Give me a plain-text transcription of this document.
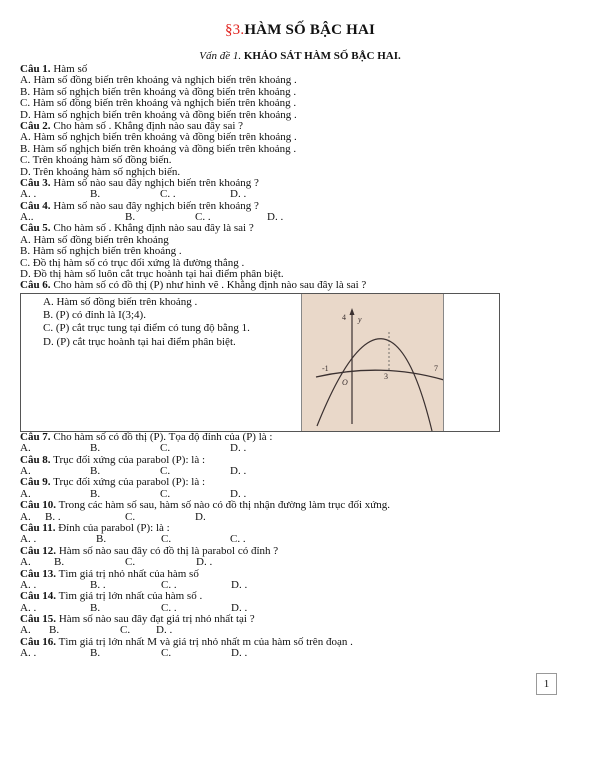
§3.HÀM SỐ BẬC HAI
Vấn đề 1. KHẢO SÁT HÀM SỐ BẬC HAI.
Câu 1. Hàm số
A. Hàm số đồng biến trên khoảng và nghịch biến trên khoảng .
B. Hàm số nghịch biến trên khoảng và đồng biến trên khoảng .
C. Hàm số đồng biến trên khoảng và nghịch biến trên khoảng .
D. Hàm số nghịch biến trên khoảng và đồng biến trên khoảng .
Câu 2. Cho hàm số . Khẳng định nào sau đây sai ?
A. Hàm số nghịch biến trên khoảng và đồng biến trên khoảng .
B. Hàm số nghịch biến trên khoảng và đồng biến trên khoảng .
C. Trên khoảng hàm số đồng biến.
D. Trên khoảng hàm số nghịch biến.
Câu 3. Hàm số nào sau đây nghịch biến trên khoảng ?
A. .	B.	C. .	D. .
Câu 4. Hàm số nào sau đây nghịch biến trên khoảng ?
A..	B.	C. .	D. .
Câu 5. Cho hàm số . Khẳng định nào sau đây là sai ?
A. Hàm số đồng biến trên khoảng
B. Hàm số nghịch biến trên khoảng .
C. Đồ thị hàm số có trục đối xứng là đường thẳng .
D. Đồ thị hàm số luôn cắt trục hoành tại hai điểm phân biệt.
Câu 6. Cho hàm số có đồ thị (P) như hình vẽ . Khẳng định nào sau đây là sai ?
A. Hàm số đồng biến trên khoảng .
B. (P) có đỉnh là I(3;4).
C. (P) cắt trục tung tại điểm có tung độ bằng 1.
D. (P) cắt trục hoành tại hai điểm phân biệt.
y
4
-1
3
7
O
Câu 7. Cho hàm số có đồ thị (P). Tọa độ đỉnh của (P) là :
A.	B.	C.	D. .
Câu 8. Trục đối xứng của parabol (P): là :
A.	B.	C.	D. .
Câu 9. Trục đối xứng của parabol (P): là :
A.	B.	C.	D. .
Câu 10. Trong các hàm số sau, hàm số nào có đồ thị nhận đường làm trục đối xứng.
A. B. .	C.	D.
Câu 11. Đỉnh của parabol (P): là :
A. .	B.	C.	C. .
Câu 12. Hàm số nào sau đây có đồ thị là parabol có đỉnh ?
A. B.	C.	D. .
Câu 13. Tìm giá trị nhỏ nhất của hàm số
A. .	B. .	C. .	D. .
Câu 14. Tìm giá trị lớn nhất của hàm số .
A. .	B.	C. .	D. .
Câu 15. Hàm số nào sau đây đạt giá trị nhỏ nhất tại ?
A. B.	C. D. .
Câu 16. Tìm giá trị lớn nhất M và giá trị nhỏ nhất m của hàm số trên đoạn .
A. .	B.	C.	D. .
1
